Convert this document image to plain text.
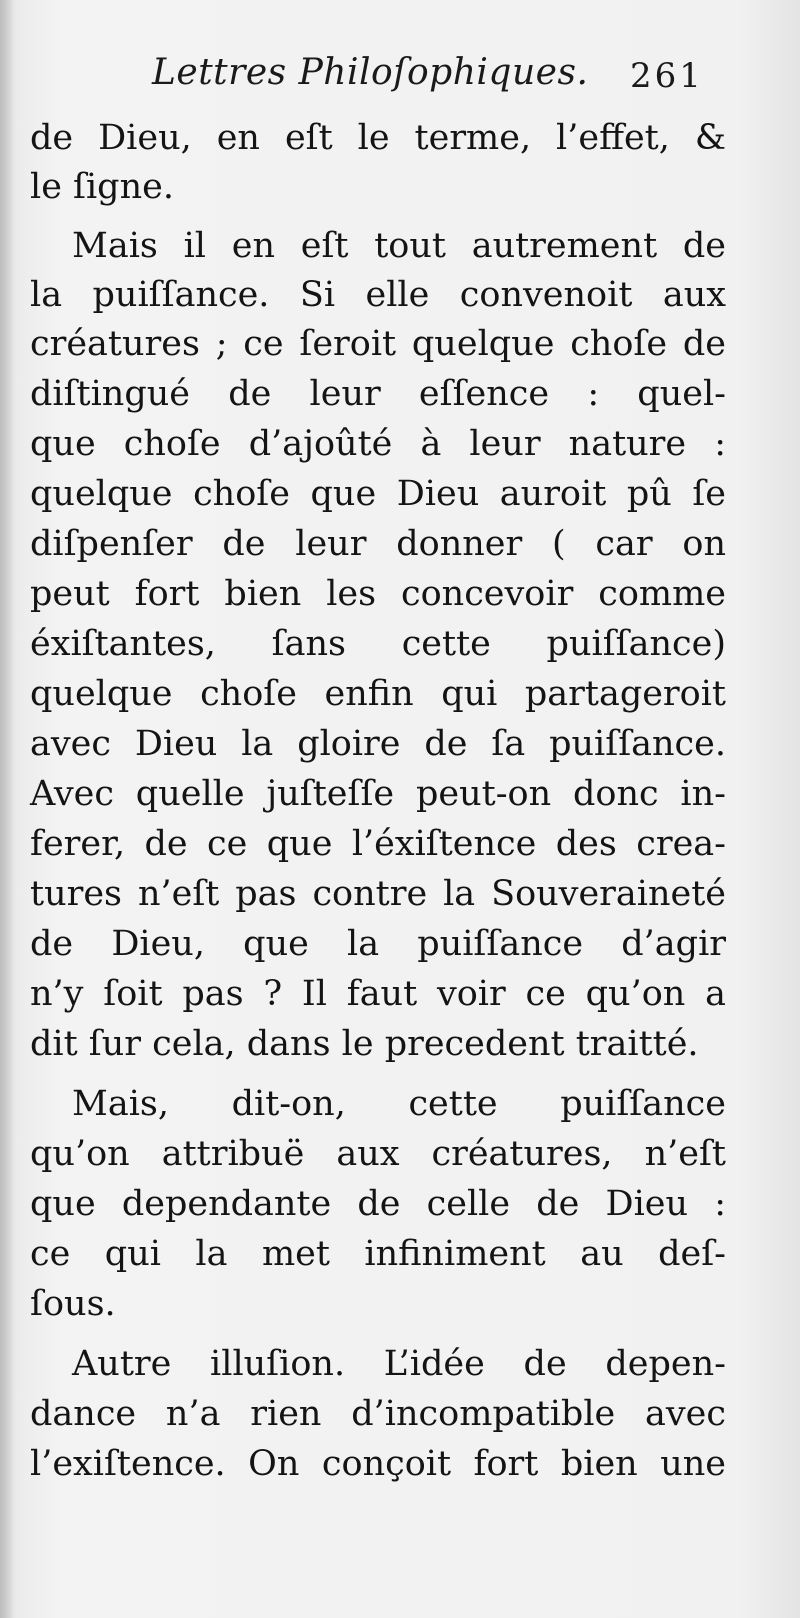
Lettres Philoſophiques. 261
de Dieu, en eſt le terme, l’effet, &
le ſigne.
Mais il en eſt tout autrement de
la puiſſance. Si elle convenoit aux
créatures ; ce ſeroit quelque choſe de
diſtingué de leur eſſence : quel-
que choſe d’ajoûté à leur nature :
quelque choſe que Dieu auroit pû ſe
diſpenſer de leur donner ( car on
peut fort bien les concevoir comme
éxiſtantes, ſans cette puiſſance)
quelque choſe enfin qui partageroit
avec Dieu la gloire de ſa puiſſance.
Avec quelle juſteſſe peut-on donc in-
ferer, de ce que l’éxiſtence des crea-
tures n’eſt pas contre la Souveraineté
de Dieu, que la puiſſance d’agir
n’y ſoit pas ? Il faut voir ce qu’on a
dit ſur cela, dans le precedent traitté.
Mais, dit-on, cette puiſſance
qu’on attribuë aux créatures, n’eſt
que dependante de celle de Dieu :
ce qui la met infiniment au deſ-
ſous.
Autre illuſion. L’idée de depen-
dance n’a rien d’incompatible avec
l’exiſtence. On conçoit fort bien une
